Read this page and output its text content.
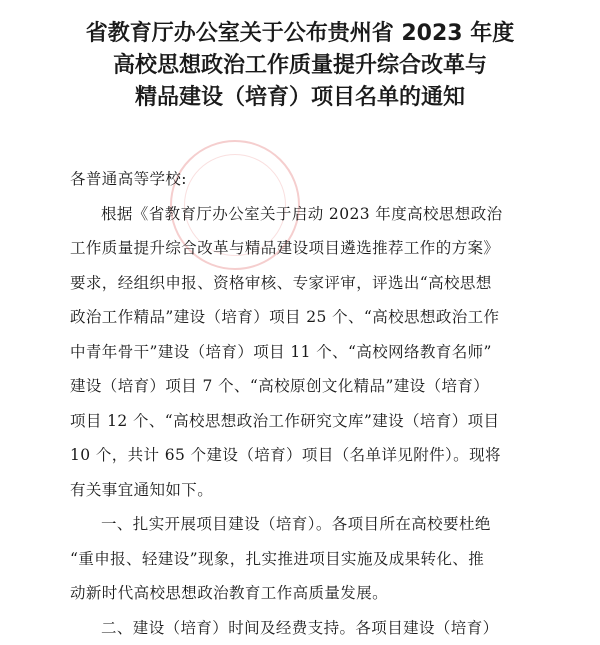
省教育厅办公室关于公布贵州省 2023 年度
高校思想政治工作质量提升综合改革与
精品建设（培育）项目名单的通知
各普通高等学校:
根据《省教育厅办公室关于启动 2023 年度高校思想政治
工作质量提升综合改革与精品建设项目遴选推荐工作的方案》
要求，经组织申报、资格审核、专家评审，评选出“高校思想
政治工作精品”建设（培育）项目 25 个、“高校思想政治工作
中青年骨干”建设（培育）项目 11 个、“高校网络教育名师”
建设（培育）项目 7 个、“高校原创文化精品”建设（培育）
项目 12 个、“高校思想政治工作研究文库”建设（培育）项目
10 个，共计 65 个建设（培育）项目（名单详见附件）。现将
有关事宜通知如下。
一、扎实开展项目建设（培育）。各项目所在高校要杜绝
“重申报、轻建设”现象，扎实推进项目实施及成果转化、推
动新时代高校思想政治教育工作高质量发展。
二、建设（培育）时间及经费支持。各项目建设（培育）
